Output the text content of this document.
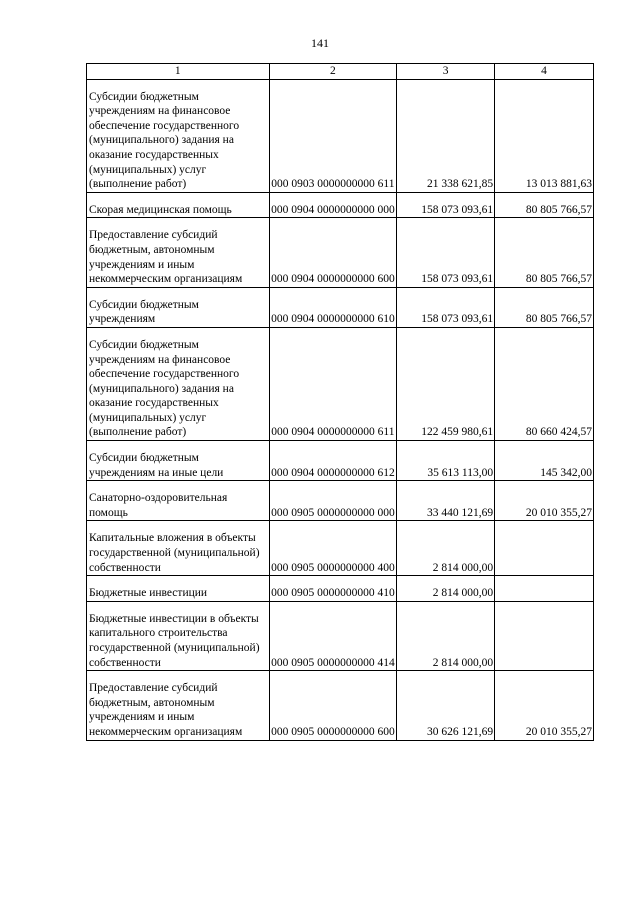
141
1	2	3	4
Субсидии бюджетным учреждениям на финансовое обеспечение государственного (муниципального) задания на оказание государственных (муниципальных) услуг (выполнение работ)	000 0903 0000000000 611	21 338 621,85	13 013 881,63
Скорая медицинская помощь	000 0904 0000000000 000	158 073 093,61	80 805 766,57
Предоставление субсидий бюджетным, автономным учреждениям и иным некоммерческим организациям	000 0904 0000000000 600	158 073 093,61	80 805 766,57
Субсидии бюджетным учреждениям	000 0904 0000000000 610	158 073 093,61	80 805 766,57
Субсидии бюджетным учреждениям на финансовое обеспечение государственного (муниципального) задания на оказание государственных (муниципальных) услуг (выполнение работ)	000 0904 0000000000 611	122 459 980,61	80 660 424,57
Субсидии бюджетным учреждениям на иные цели	000 0904 0000000000 612	35 613 113,00	145 342,00
Санаторно-оздоровительная помощь	000 0905 0000000000 000	33 440 121,69	20 010 355,27
Капитальные вложения в объекты государственной (муниципальной) собственности	000 0905 0000000000 400	2 814 000,00	
Бюджетные инвестиции	000 0905 0000000000 410	2 814 000,00	
Бюджетные инвестиции в объекты капитального строительства государственной (муниципальной) собственности	000 0905 0000000000 414	2 814 000,00	
Предоставление субсидий бюджетным, автономным учреждениям и иным некоммерческим организациям	000 0905 0000000000 600	30 626 121,69	20 010 355,27
